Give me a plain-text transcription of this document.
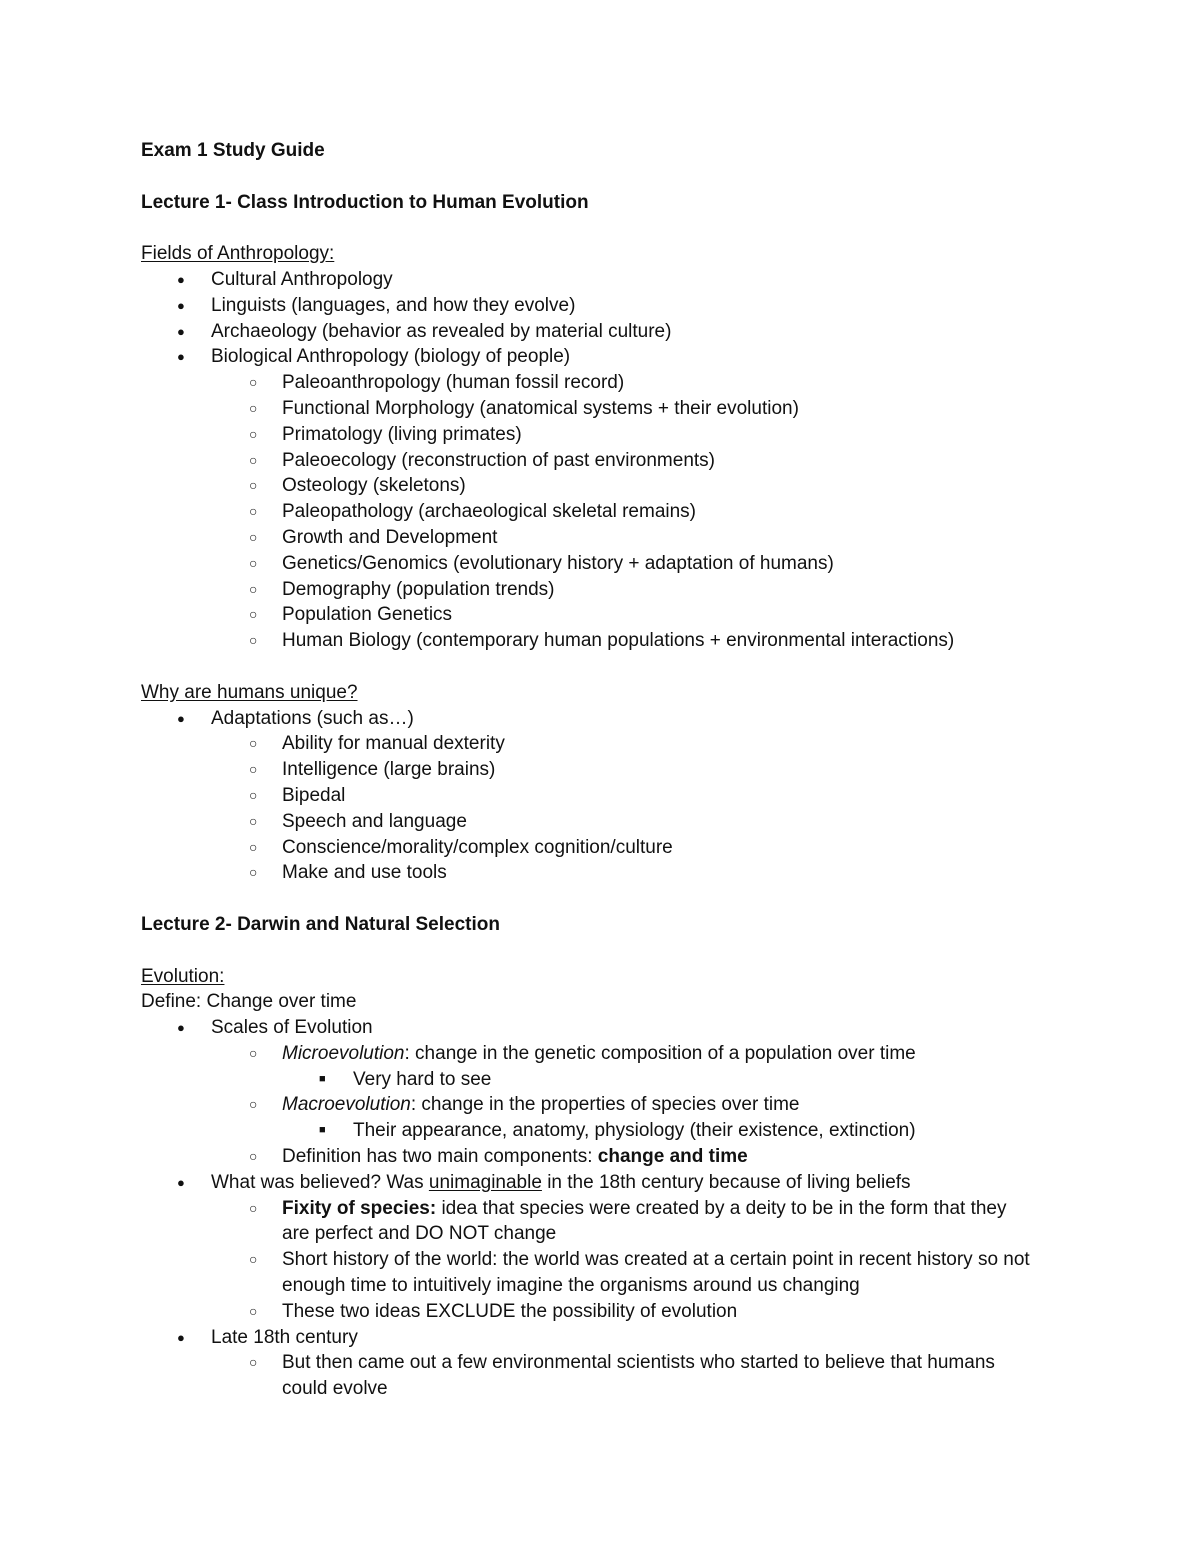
Exam 1 Study Guide
Lecture 1- Class Introduction to Human Evolution
Fields of Anthropology:
● Cultural Anthropology
● Linguists (languages, and how they evolve)
● Archaeology (behavior as revealed by material culture)
● Biological Anthropology (biology of people)
○ Paleoanthropology (human fossil record)
○ Functional Morphology (anatomical systems + their evolution)
○ Primatology (living primates)
○ Paleoecology (reconstruction of past environments)
○ Osteology (skeletons)
○ Paleopathology (archaeological skeletal remains)
○ Growth and Development
○ Genetics/Genomics (evolutionary history + adaptation of humans)
○ Demography (population trends)
○ Population Genetics
○ Human Biology (contemporary human populations + environmental interactions)
Why are humans unique?
● Adaptations (such as…)
○ Ability for manual dexterity
○ Intelligence (large brains)
○ Bipedal
○ Speech and language
○ Conscience/morality/complex cognition/culture
○ Make and use tools
Lecture 2- Darwin and Natural Selection
Evolution:
Define: Change over time
● Scales of Evolution
○ Microevolution: change in the genetic composition of a population over time
■ Very hard to see
○ Macroevolution: change in the properties of species over time
■ Their appearance, anatomy, physiology (their existence, extinction)
○ Definition has two main components: change and time
● What was believed? Was unimaginable in the 18th century because of living beliefs
○ Fixity of species: idea that species were created by a deity to be in the form that they
are perfect and DO NOT change
○ Short history of the world: the world was created at a certain point in recent history so not
enough time to intuitively imagine the organisms around us changing
○ These two ideas EXCLUDE the possibility of evolution
● Late 18th century
○ But then came out a few environmental scientists who started to believe that humans
could evolve
